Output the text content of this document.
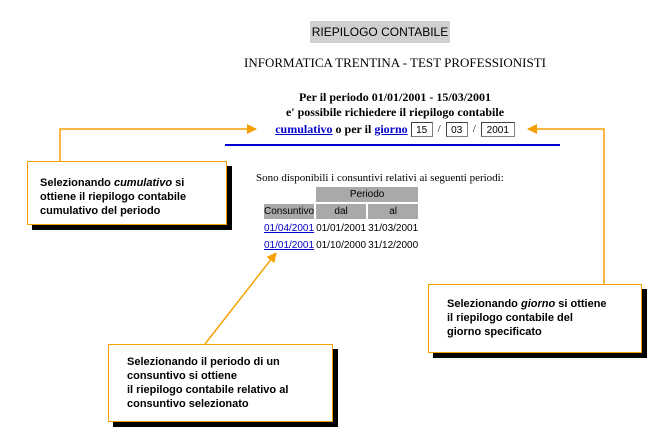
RIEPILOGO CONTABILE
INFORMATICA TRENTINA - TEST PROFESSIONISTI
Per il periodo 01/01/2001 - 15/03/2001
e' possibile richiedere il riepilogo contabile
cumulativo o per il giorno 15 /	03 /	2001
Sono disponibili i consuntivi relativi ai seguenti periodi:
	Periodo	
Consuntivo	dal	al
01/04/2001	01/01/2001	31/03/2001
01/01/2001	01/10/2000	31/12/2000
Selezionando cumulativo si
ottiene il riepilogo contabile
cumulativo del periodo
Selezionando giorno si ottiene
il riepilogo contabile del
giorno specificato
Selezionando il periodo di un
consuntivo si ottiene
il riepilogo contabile relativo al
consuntivo selezionato
